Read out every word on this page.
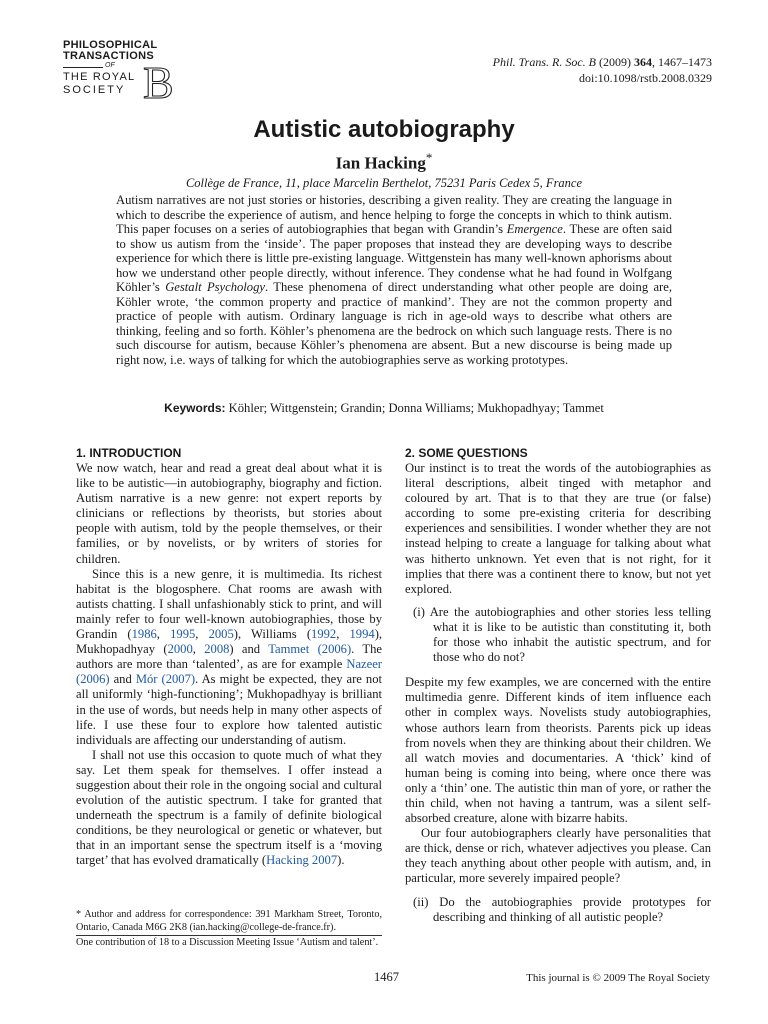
PHILOSOPHICAL
TRANSACTIONS
OF
THE ROYAL
SOCIETY B	Phil. Trans. R. Soc. B (2009) 364, 1467–1473
doi:10.1098/rstb.2008.0329
Autistic autobiography
Ian Hacking*
Collège de France, 11, place Marcelin Berthelot, 75231 Paris Cedex 5, France
Autism narratives are not just stories or histories, describing a given reality. They are creating the language in which to describe the experience of autism, and hence helping to forge the concepts in which to think autism. This paper focuses on a series of autobiographies that began with Grandin’s Emergence. These are often said to show us autism from the ‘inside’. The paper proposes that instead they are developing ways to describe experience for which there is little pre-existing language. Wittgenstein has many well-known aphorisms about how we understand other people directly, without inference. They condense what he had found in Wolfgang Köhler’s Gestalt Psychology. These phenomena of direct understanding what other people are doing are, Köhler wrote, ‘the common property and practice of mankind’. They are not the common property and practice of people with autism. Ordinary language is rich in age-old ways to describe what others are thinking, feeling and so forth. Köhler’s phenomena are the bedrock on which such language rests. There is no such discourse for autism, because Köhler’s phenomena are absent. But a new discourse is being made up right now, i.e. ways of talking for which the autobiographies serve as working prototypes.
Keywords: Köhler; Wittgenstein; Grandin; Donna Williams; Mukhopadhyay; Tammet

1. INTRODUCTION

We now watch, hear and read a great deal about what it is like to be autistic—in autobiography, biography and fiction. Autism narrative is a new genre: not expert reports by clinicians or reflections by theorists, but stories about people with autism, told by the people themselves, or their families, or by novelists, or by writers of stories for children.

Since this is a new genre, it is multimedia. Its richest habitat is the blogosphere. Chat rooms are awash with autists chatting. I shall unfashionably stick to print, and will mainly refer to four well-known autobiographies, those by Grandin (1986, 1995, 2005), Williams (1992, 1994), Mukhopadhyay (2000, 2008) and Tammet (2006). The authors are more than ‘talented’, as are for example Nazeer (2006) and Mór (2007). As might be expected, they are not all uniformly ‘high-functioning’; Mukhopadhyay is brilliant in the use of words, but needs help in many other aspects of life. I use these four to explore how talented autistic individuals are affecting our understanding of autism.

I shall not use this occasion to quote much of what they say. Let them speak for themselves. I offer instead a suggestion about their role in the ongoing social and cultural evolution of the autistic spectrum. I take for granted that underneath the spectrum is a family of definite biological conditions, be they neurological or genetic or whatever, but that in an important sense the spectrum itself is a ‘moving target’ that has evolved dramatically (Hacking 2007).

* Author and address for correspondence: 391 Markham Street, Toronto, Ontario, Canada M6G 2K8 (ian.hacking@college-de-france.fr).
One contribution of 18 to a Discussion Meeting Issue ‘Autism and talent’.

2. SOME QUESTIONS

Our instinct is to treat the words of the autobiographies as literal descriptions, albeit tinged with metaphor and coloured by art. That is to that they are true (or false) according to some pre-existing criteria for describing experiences and sensibilities. I wonder whether they are not instead helping to create a language for talking about what was hitherto unknown. Yet even that is not right, for it implies that there was a continent there to know, but not yet explored.

(i) Are the autobiographies and other stories less telling what it is like to be autistic than constituting it, both for those who inhabit the autistic spectrum, and for those who do not?

Despite my few examples, we are concerned with the entire multimedia genre. Different kinds of item influence each other in complex ways. Novelists study autobiographies, whose authors learn from theorists. Parents pick up ideas from novels when they are thinking about their children. We all watch movies and documentaries. A ‘thick’ kind of human being is coming into being, where once there was only a ‘thin’ one. The autistic thin man of yore, or rather the thin child, when not having a tantrum, was a silent self-absorbed creature, alone with bizarre habits.

Our four autobiographers clearly have personalities that are thick, dense or rich, whatever adjectives you please. Can they teach anything about other people with autism, and, in particular, more severely impaired people?

(ii) Do the autobiographies provide prototypes for describing and thinking of all autistic people?

1467	This journal is © 2009 The Royal Society
